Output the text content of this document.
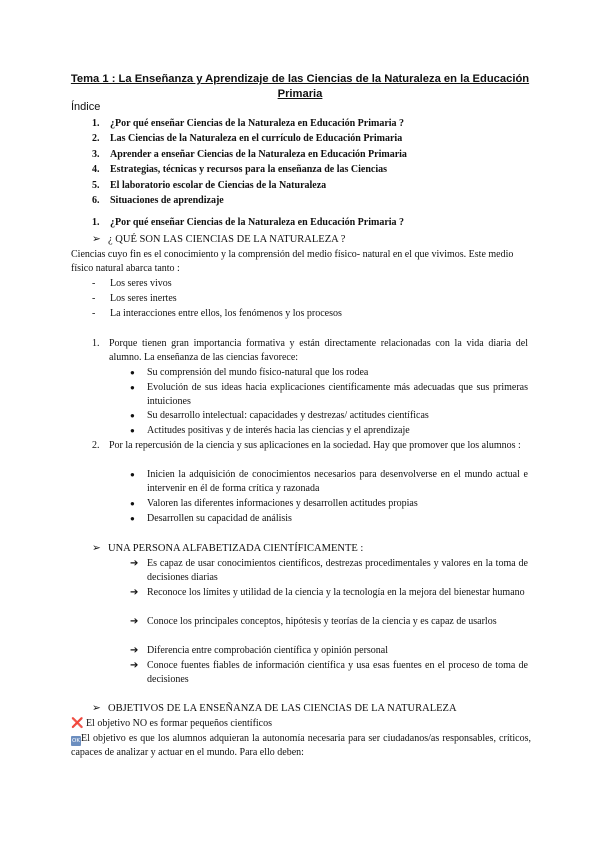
Tema 1 : La Enseñanza y Aprendizaje de las Ciencias de la Naturaleza en la Educación Primaria
Índice
1. ¿Por qué enseñar Ciencias de la Naturaleza en Educación Primaria ?
2. Las Ciencias de la Naturaleza en el currículo de Educación Primaria
3. Aprender a enseñar Ciencias de la Naturaleza en Educación Primaria
4. Estrategias, técnicas y recursos para la enseñanza de las Ciencias
5. El laboratorio escolar de Ciencias de la Naturaleza
6. Situaciones de aprendizaje
1. ¿Por qué enseñar Ciencias de la Naturaleza en Educación Primaria ?
➢ ¿ QUÉ SON LAS CIENCIAS DE LA NATURALEZA ?
Ciencias cuyo fin es el conocimiento y la comprensión del medio físico- natural en el que vivimos. Este medio físico natural abarca tanto :
- Los seres vivos
- Los seres inertes
- La interacciones entre ellos, los fenómenos y los procesos
1. Porque tienen gran importancia formativa y están directamente relacionadas con la vida diaria del alumno. La enseñanza de las ciencias favorece:
● Su comprensión del mundo físico-natural que los rodea
● Evolución de sus ideas hacia explicaciones científicamente más adecuadas que sus primeras intuiciones
● Su desarrollo intelectual: capacidades y destrezas/ actitudes científicas
● Actitudes positivas y de interés hacia las ciencias y el aprendizaje
2. Por la repercusión de la ciencia y sus aplicaciones en la sociedad. Hay que promover que los alumnos :
● Inicien la adquisición de conocimientos necesarios para desenvolverse en el mundo actual e intervenir en él de forma crítica y razonada
● Valoren las diferentes informaciones y desarrollen actitudes propias
● Desarrollen su capacidad de análisis
➢ UNA PERSONA ALFABETIZADA CIENTÍFICAMENTE :
➔ Es capaz de usar conocimientos científicos, destrezas procedimentales y valores en la toma de decisiones diarias
➔ Reconoce los límites y utilidad de la ciencia y la tecnología en la mejora del bienestar humano
➔ Conoce los principales conceptos, hipótesis y teorías de la ciencia y es capaz de usarlos
➔ Diferencia entre comprobación científica y opinión personal
➔ Conoce fuentes fiables de información científica y usa esas fuentes en el proceso de toma de decisiones
➢ OBJETIVOS DE LA ENSEÑANZA DE LAS CIENCIAS DE LA NATURALEZA
❌ El objetivo NO es formar pequeños científicos
OKEl objetivo es que los alumnos adquieran la autonomía necesaria para ser ciudadanos/as responsables, críticos, capaces de analizar y actuar en el mundo. Para ello deben:
